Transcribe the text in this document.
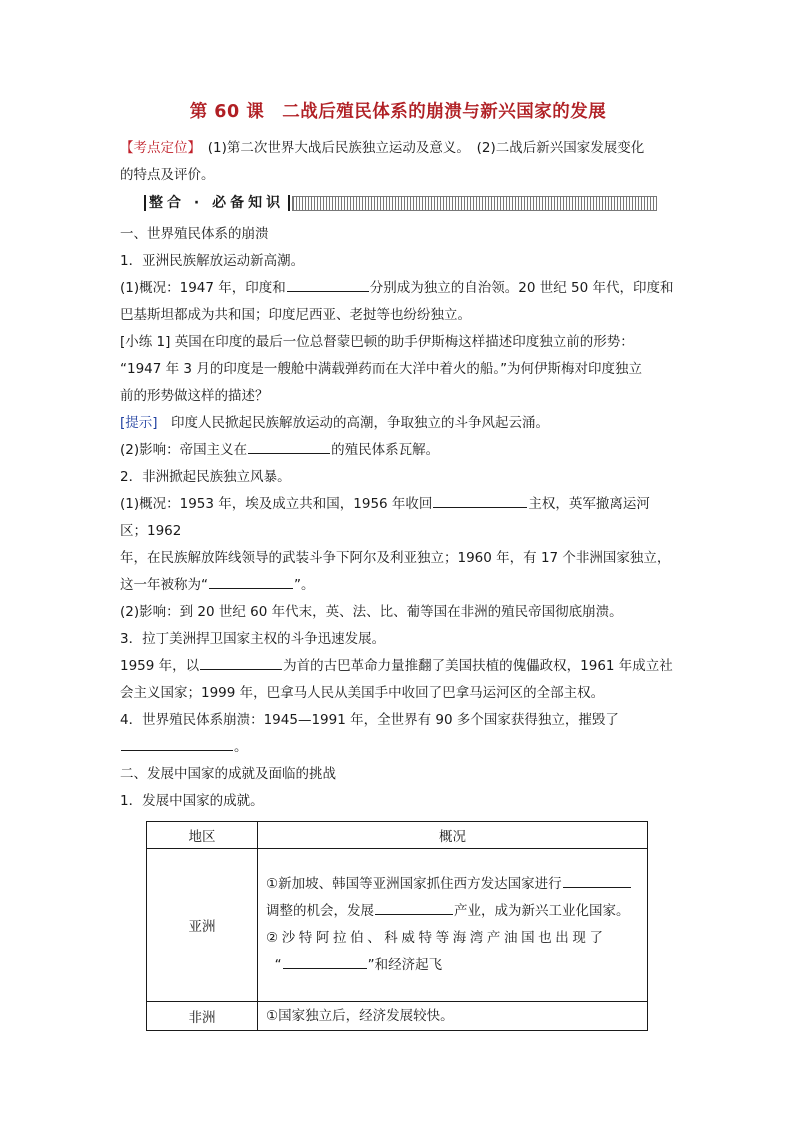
第 60 课　二战后殖民体系的崩溃与新兴国家的发展

【考点定位】　(1)第二次世界大战后民族独立运动及意义。　(2)二战后新兴国家发展变化

的特点及评价。

整合 · 必备知识

一、世界殖民体系的崩溃

1．亚洲民族解放运动新高潮。

(1)概况：1947 年，印度和	分别成为独立的自治领。20 世纪 50 年代，印度和

巴基斯坦都成为共和国；印度尼西亚、老挝等也纷纷独立。

[小练 1] 英国在印度的最后一位总督蒙巴顿的助手伊斯梅这样描述印度独立前的形势：

“1947 年 3 月的印度是一艘舱中满载弹药而在大洋中着火的船。”为何伊斯梅对印度独立

前的形势做这样的描述？

[提示]　印度人民掀起民族解放运动的高潮，争取独立的斗争风起云涌。

(2)影响：帝国主义在	的殖民体系瓦解。

2．非洲掀起民族独立风暴。

(1)概况：1953 年，埃及成立共和国，1956 年收回	主权，英军撤离运河区；1962

年，在民族解放阵线领导的武装斗争下阿尔及利亚独立；1960 年，有 17 个非洲国家独立，

这一年被称为“	”。

(2)影响：到 20 世纪 60 年代末，英、法、比、葡等国在非洲的殖民帝国彻底崩溃。

3．拉丁美洲捍卫国家主权的斗争迅速发展。

1959 年，以	为首的古巴革命力量推翻了美国扶植的傀儡政权，1961 年成立社

会主义国家；1999 年，巴拿马人民从美国手中收回了巴拿马运河区的全部主权。

4．世界殖民体系崩溃：1945—1991 年，全世界有 90 多个国家获得独立，摧毁了

。

二、发展中国家的成就及面临的挑战

1．发展中国家的成就。

地区	概况
亚洲	①新加坡、韩国等亚洲国家抓住西方发达国家进行

调整的机会，发展 产业，成为新兴工业化国家。

②沙特阿拉伯、科威特等海湾产油国也出现了

“ ”和经济起飞

非洲	①国家独立后，经济发展较快。
